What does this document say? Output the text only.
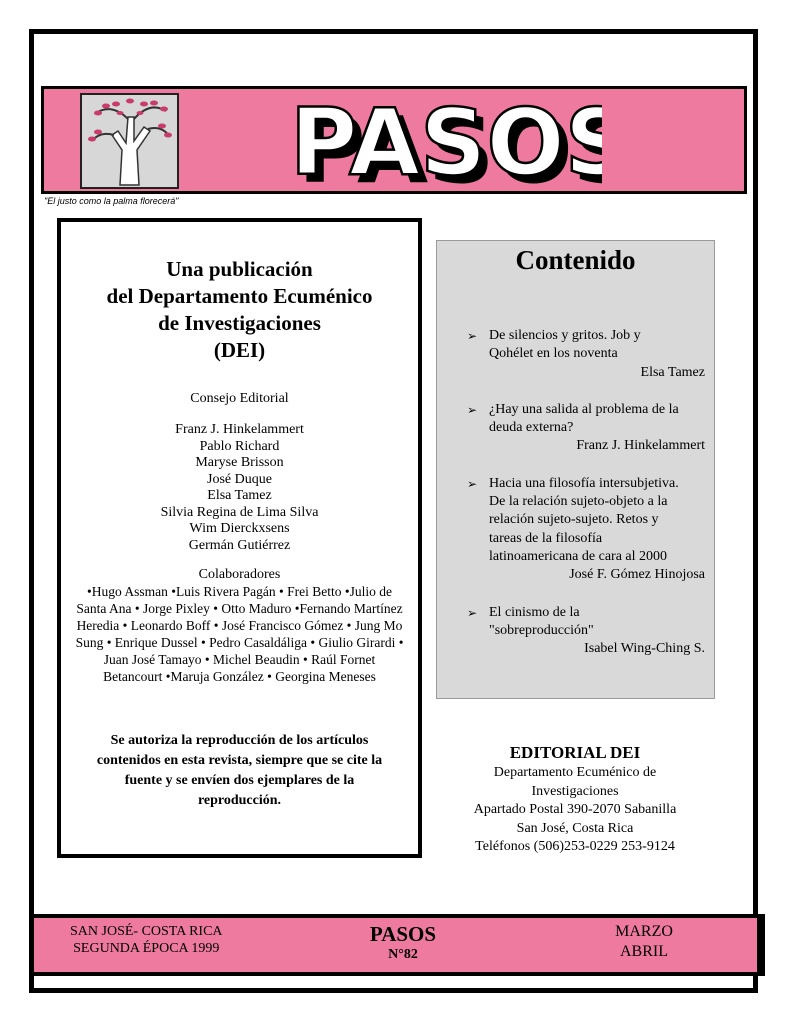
PASO
PASOS
"El justo como la palma florecerá"
Una publicación
del Departamento Ecuménico
de Investigaciones
(DEI)
Consejo Editorial
Franz J. Hinkelammert
Pablo Richard
Maryse Brisson
José Duque
Elsa Tamez
Silvia Regina de Lima Silva
Wim Dierckxsens
Germán Gutiérrez
Colaboradores
•Hugo Assman •Luis Rivera Pagán • Frei Betto •Julio de
Santa Ana • Jorge Pixley • Otto Maduro •Fernando Martínez
Heredia • Leonardo Boff • José Francisco Gómez • Jung Mo
Sung • Enrique Dussel • Pedro Casaldáliga • Giulio Girardi •
Juan José Tamayo • Michel Beaudin • Raúl Fornet
Betancourt •Maruja González • Georgina Meneses
Se autoriza la reproducción de los artículos
contenidos en esta revista, siempre que se cite la
fuente y se envíen dos ejemplares de la
reproducción.
Contenido
➢ De silencios y gritos. Job y
Qohélet en los noventa
Elsa Tamez
➢ ¿Hay una salida al problema de la
deuda externa?
Franz J. Hinkelammert
➢ Hacia una filosofía intersubjetiva.
De la relación sujeto-objeto a la
relación sujeto-sujeto. Retos y
tareas de la filosofía
latinoamericana de cara al 2000
José F. Gómez Hinojosa
➢ El cinismo de la
"sobreproducción"
Isabel Wing-Ching S.
EDITORIAL DEI
Departamento Ecuménico de
Investigaciones
Apartado Postal 390-2070 Sabanilla
San José, Costa Rica
Teléfonos (506)253-0229 253-9124
SAN JOSÉ- COSTA RICA
SEGUNDA ÉPOCA 1999
PASOS
N°82
MARZO
ABRIL
